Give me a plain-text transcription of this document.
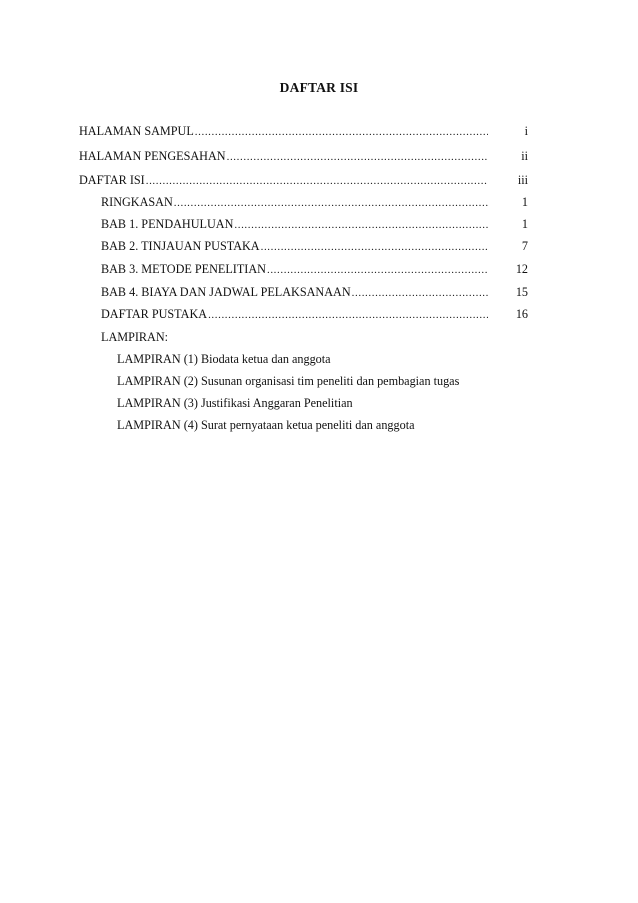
DAFTAR ISI
HALAMAN SAMPUL .....	i
HALAMAN PENGESAHAN .....	ii
DAFTAR ISI .....	iii
RINGKASAN .....	1
BAB 1. PENDAHULUAN .....	1
BAB 2. TINJAUAN PUSTAKA .....	7
BAB 3. METODE PENELITIAN .....	12
BAB 4. BIAYA DAN JADWAL PELAKSANAAN .....	15
DAFTAR PUSTAKA .....	16
LAMPIRAN:
LAMPIRAN (1) Biodata ketua dan anggota
LAMPIRAN (2) Susunan organisasi tim peneliti dan pembagian tugas
LAMPIRAN (3) Justifikasi Anggaran Penelitian
LAMPIRAN (4) Surat pernyataan ketua peneliti dan anggota
